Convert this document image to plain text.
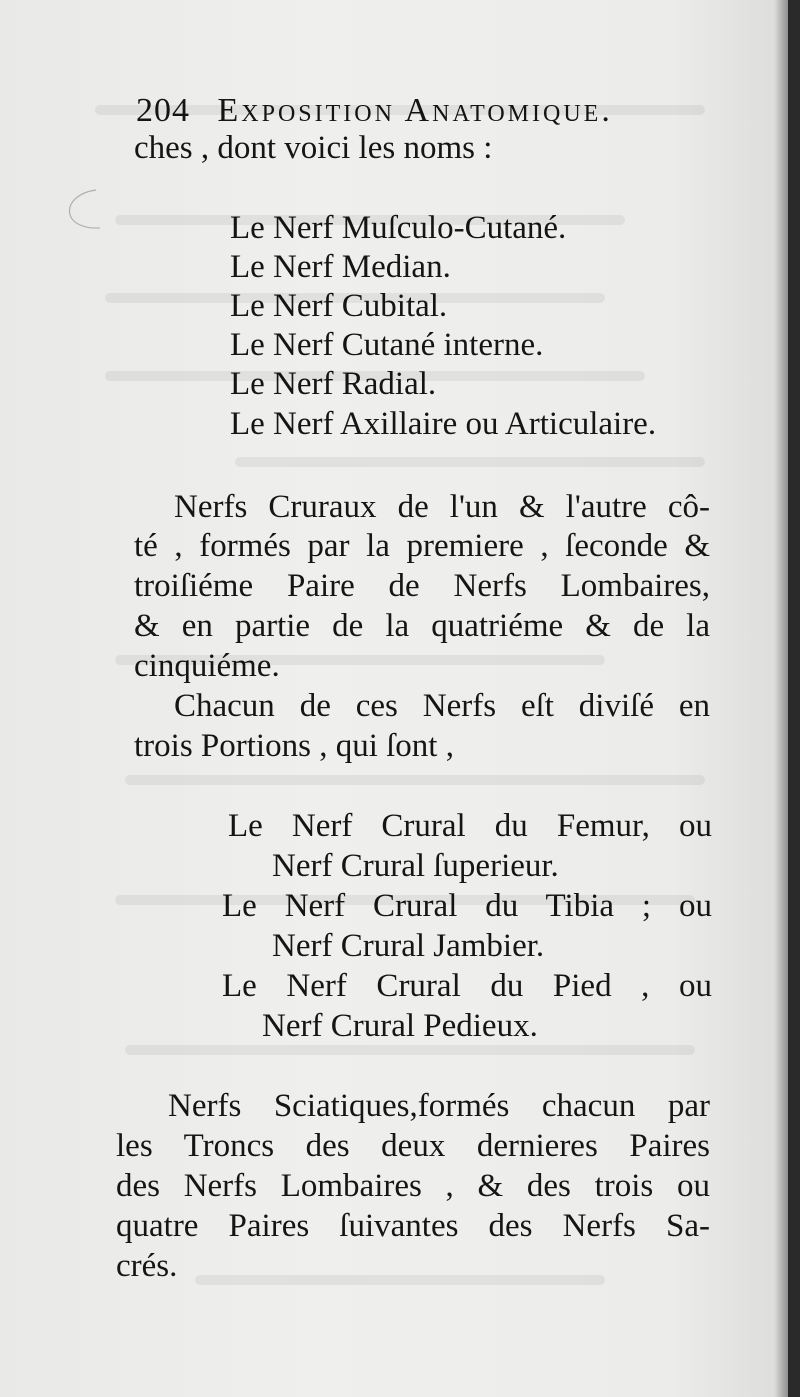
204 Exposition Anatomique.
ches , dont voici les noms :
Le Nerf Muſculo-Cutané.
Le Nerf Median.
Le Nerf Cubital.
Le Nerf Cutané interne.
Le Nerf Radial.
Le Nerf Axillaire ou Articulaire.
Nerfs Cruraux de l'un & l'autre cô-
té , formés par la premiere , ſeconde &
troiſiéme Paire de Nerfs Lombaires,
& en partie de la quatriéme & de la
cinquiéme.
Chacun de ces Nerfs eſt diviſé en
trois Portions , qui ſont ,
Le Nerf Crural du Femur, ou
Nerf Crural ſuperieur.
Le Nerf Crural du Tibia ; ou
Nerf Crural Jambier.
Le Nerf Crural du Pied , ou
Nerf Crural Pedieux.
Nerfs Sciatiques,formés chacun par
les Troncs des deux dernieres Paires
des Nerfs Lombaires , & des trois ou
quatre Paires ſuivantes des Nerfs Sa-
crés.
